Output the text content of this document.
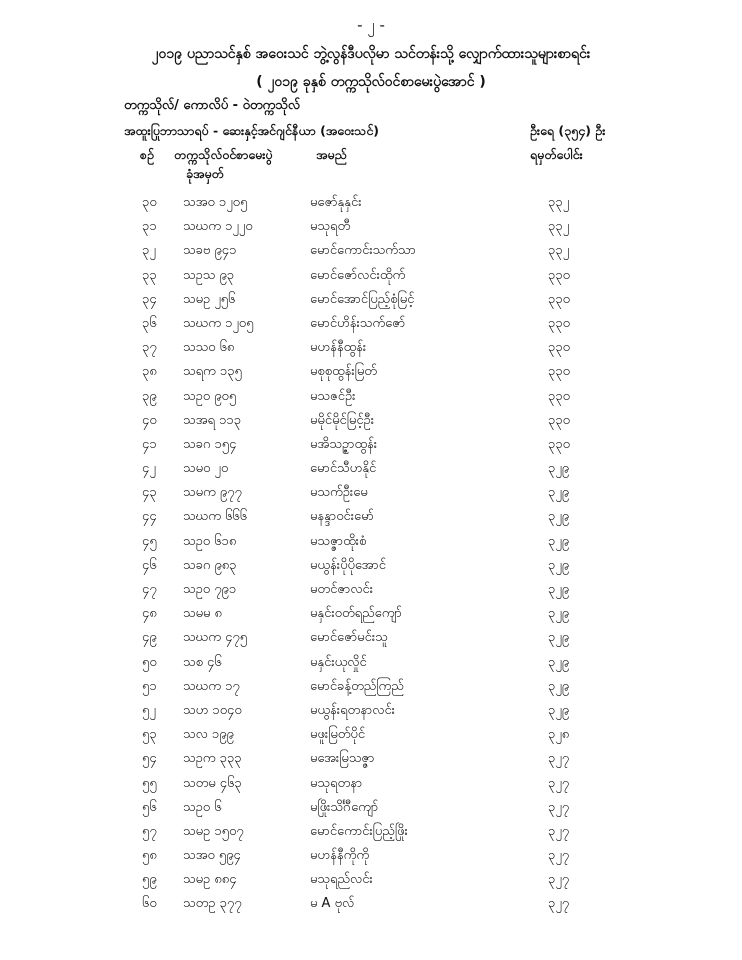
- ၂ -
၂၀၁၉ ပညာသင်နှစ် အဝေးသင် ဘွဲ့လွန်ဒီပလိုမာ သင်တန်းသို့ လျှောက်ထားသူများစာရင်း
( ၂၀၁၉ ခုနှစ် တက္ကသိုလ်ဝင်စာမေးပွဲအောင် )
တက္ကသိုလ်/ ကောလိပ် - ဝဲတက္ကသိုလ်
အထူးပြုဘာသာရပ် - ဆေးနှင့်အင်ဂျင်နီယာ (အဝေးသင်)	ဦးရေ (၃၅၄) ဦး
စဉ် တက္ကသိုလ်ဝင်စာမေးပွဲ
ခုံအမှတ်
အမည်	ရမှတ်ပေါင်း
၃၀ သအဝ ၁၂၀၅	မဇော်နုနှင်း	၃၃၂
၃၁ သဃက ၁၂၂၀	မသုရတီ	၃၃၂
၃၂ သခဗ ၉၄၁	မောင်ကောင်းသက်သာ	၃၃၂
၃၃ သဥသ ၉၃	မောင်ဇော်လင်းထိုက်	၃၃၀
၃၄ သမဥ ၂၅၆	မောင်အောင်ပြည့်စုံမြင့်	၃၃၀
၃၆ သဃက ၁၂၀၅	မောင်ဟိန်းသက်ဇော်	၃၃၀
၃၇ သသဝ ၆၈	မဟန်နီထွန်း	၃၃၀
၃၈ သရက ၁၃၅	မစုစုထွန်းမြတ်	၃၃၀
၃၉ သဥဝ ၉၀၅	မသဇင်ဦး	၃၃၀
၄၀ သအရ ၁၁၃	မမိုင်မိုင်မြင့်ဦး	၃၃၀
၄၁ သခဂ ၁၅၄	မအိသဉ္ဇာထွန်း	၃၃၀
၄၂ သမဝ ၂၀	မောင်သီဟနိုင်	၃၂၉
၄၃ သမက ၉၇၇	မသက်ဦးမေ	၃၂၉
၄၄ သဃက ၆၆၆	မနန္ဒာဝင်းမော်	၃၂၉
၄၅ သဥဝ ၆၁၈	မသဇ္ဇာထိုးစံ	၃၂၉
၄၆ သခဂ ၉၈၃	မယွန်းပိုပိုအောင်	၃၂၉
၄၇ သဥဝ ၇၉၁	မတင်ဇာလင်း	၃၂၉
၄၈ သမမ ၈	မနှင်းဝတ်ရည်ကျော်	၃၂၉
၄၉ သဃက ၄၇၅	မောင်ဇော်မင်းသူ	၃၂၉
၅၀ သစ ၄၆	မနှင်းယုလှိုင်	၃၂၉
၅၁ သဃက ၁၇	မောင်ခန့်တည်ကြည်	၃၂၉
၅၂ သဟ ၁၀၄၀	မယွန်းရတနာလင်း	၃၂၉
၅၃ သလ ၁၉၉	မဖူးမြတ်ပိုင်	၃၂၈
၅၄ သဥက ၃၃၃	မအေးမြသဇ္ဇာ	၃၂၇
၅၅ သတမ ၄၆၃	မသုရတနာ	၃၂၇
၅၆ သဥဝ ၆	မဖြိုးသိင်္ဂီကျော်	၃၂၇
၅၇ သမဥ ၁၅၀၇	မောင်ကောင်းပြည့်ဖြိုး	၃၂၇
၅၈ သအဝ ၅၉၄	မဟန်နီကိုကို	၃၂၇
၅၉ သမဥ ၈၈၄	မသုရည်လင်း	၃၂၇
၆၀ သတဥ ၃၇၇	မ A ဗုလ်	၃၂၇
